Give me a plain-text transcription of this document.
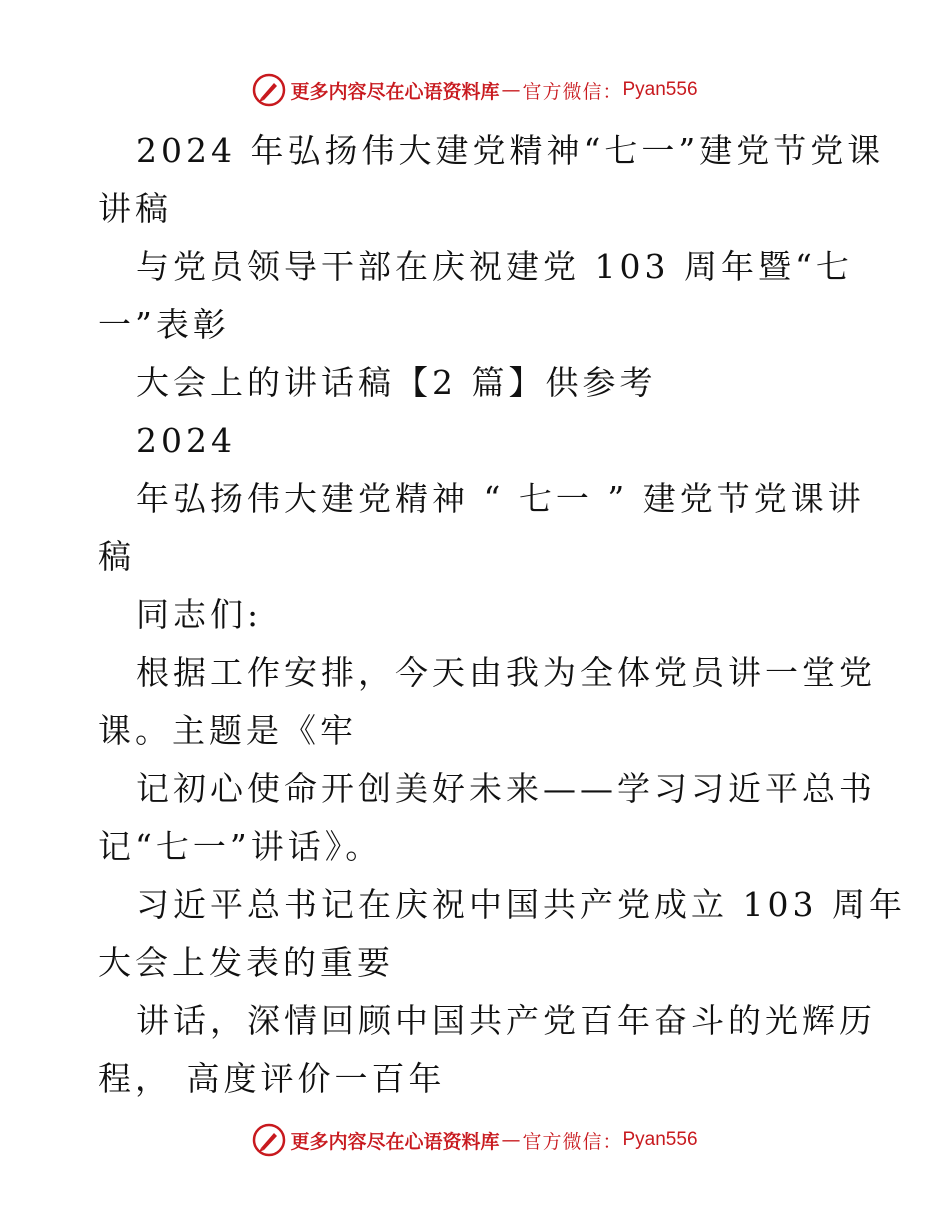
更多内容尽在心语资料库 — 官方微信： Pyan556
2024 年弘扬伟大建党精神“七一”建党节党课
讲稿
与党员领导干部在庆祝建党 103 周年暨“七
一”表彰
大会上的讲话稿【2 篇】供参考
2024
年弘扬伟大建党精神 “ 七一 ” 建党节党课讲
稿
同志们:
根据工作安排，今天由我为全体党员讲一堂党
课。主题是《牢
记初心使命开创美好未来——学习习近平总书
记“七一”讲话》。
习近平总书记在庆祝中国共产党成立 103 周年
大会上发表的重要
讲话，深情回顾中国共产党百年奋斗的光辉历
程， 高度评价一百年
更多内容尽在心语资料库 — 官方微信： Pyan556
